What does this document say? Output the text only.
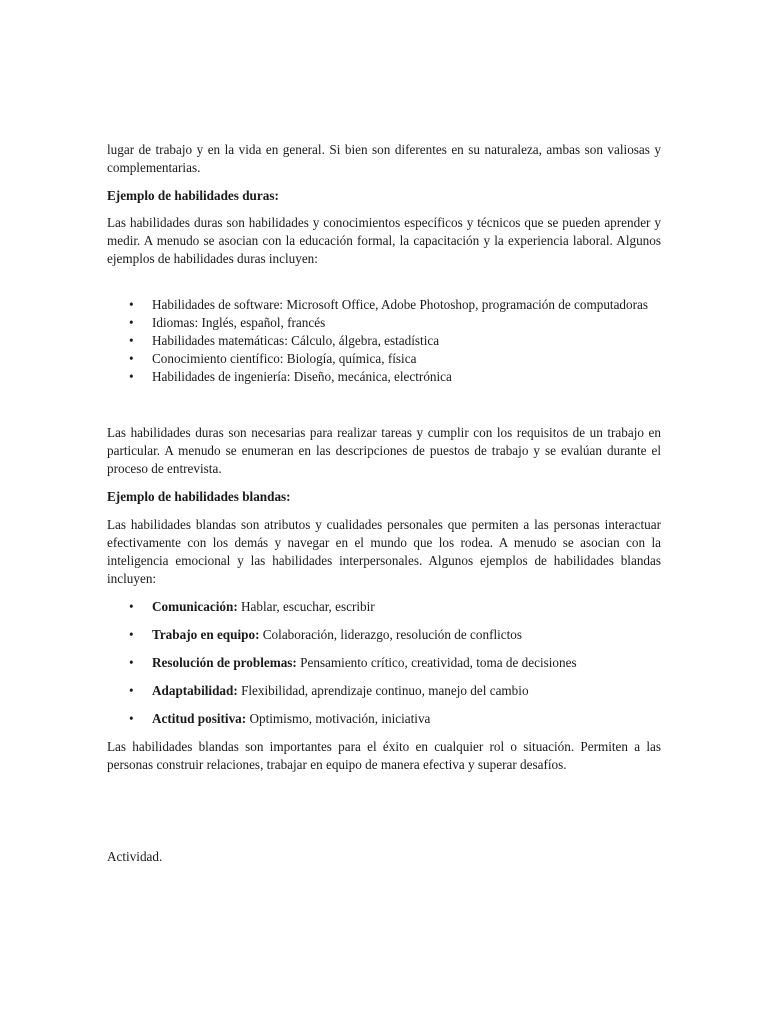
lugar de trabajo y en la vida en general. Si bien son diferentes en su naturaleza, ambas son valiosas y complementarias.

Ejemplo de habilidades duras:

Las habilidades duras son habilidades y conocimientos específicos y técnicos que se pueden aprender y medir. A menudo se asocian con la educación formal, la capacitación y la experiencia laboral. Algunos ejemplos de habilidades duras incluyen:

• Habilidades de software: Microsoft Office, Adobe Photoshop, programación de computadoras
• Idiomas: Inglés, español, francés
• Habilidades matemáticas: Cálculo, álgebra, estadística
• Conocimiento científico: Biología, química, física
• Habilidades de ingeniería: Diseño, mecánica, electrónica

Las habilidades duras son necesarias para realizar tareas y cumplir con los requisitos de un trabajo en particular. A menudo se enumeran en las descripciones de puestos de trabajo y se evalúan durante el proceso de entrevista.

Ejemplo de habilidades blandas:

Las habilidades blandas son atributos y cualidades personales que permiten a las personas interactuar efectivamente con los demás y navegar en el mundo que los rodea. A menudo se asocian con la inteligencia emocional y las habilidades interpersonales. Algunos ejemplos de habilidades blandas incluyen:

• Comunicación: Hablar, escuchar, escribir
• Trabajo en equipo: Colaboración, liderazgo, resolución de conflictos
• Resolución de problemas: Pensamiento crítico, creatividad, toma de decisiones
• Adaptabilidad: Flexibilidad, aprendizaje continuo, manejo del cambio
• Actitud positiva: Optimismo, motivación, iniciativa

Las habilidades blandas son importantes para el éxito en cualquier rol o situación. Permiten a las personas construir relaciones, trabajar en equipo de manera efectiva y superar desafíos.

Actividad.
